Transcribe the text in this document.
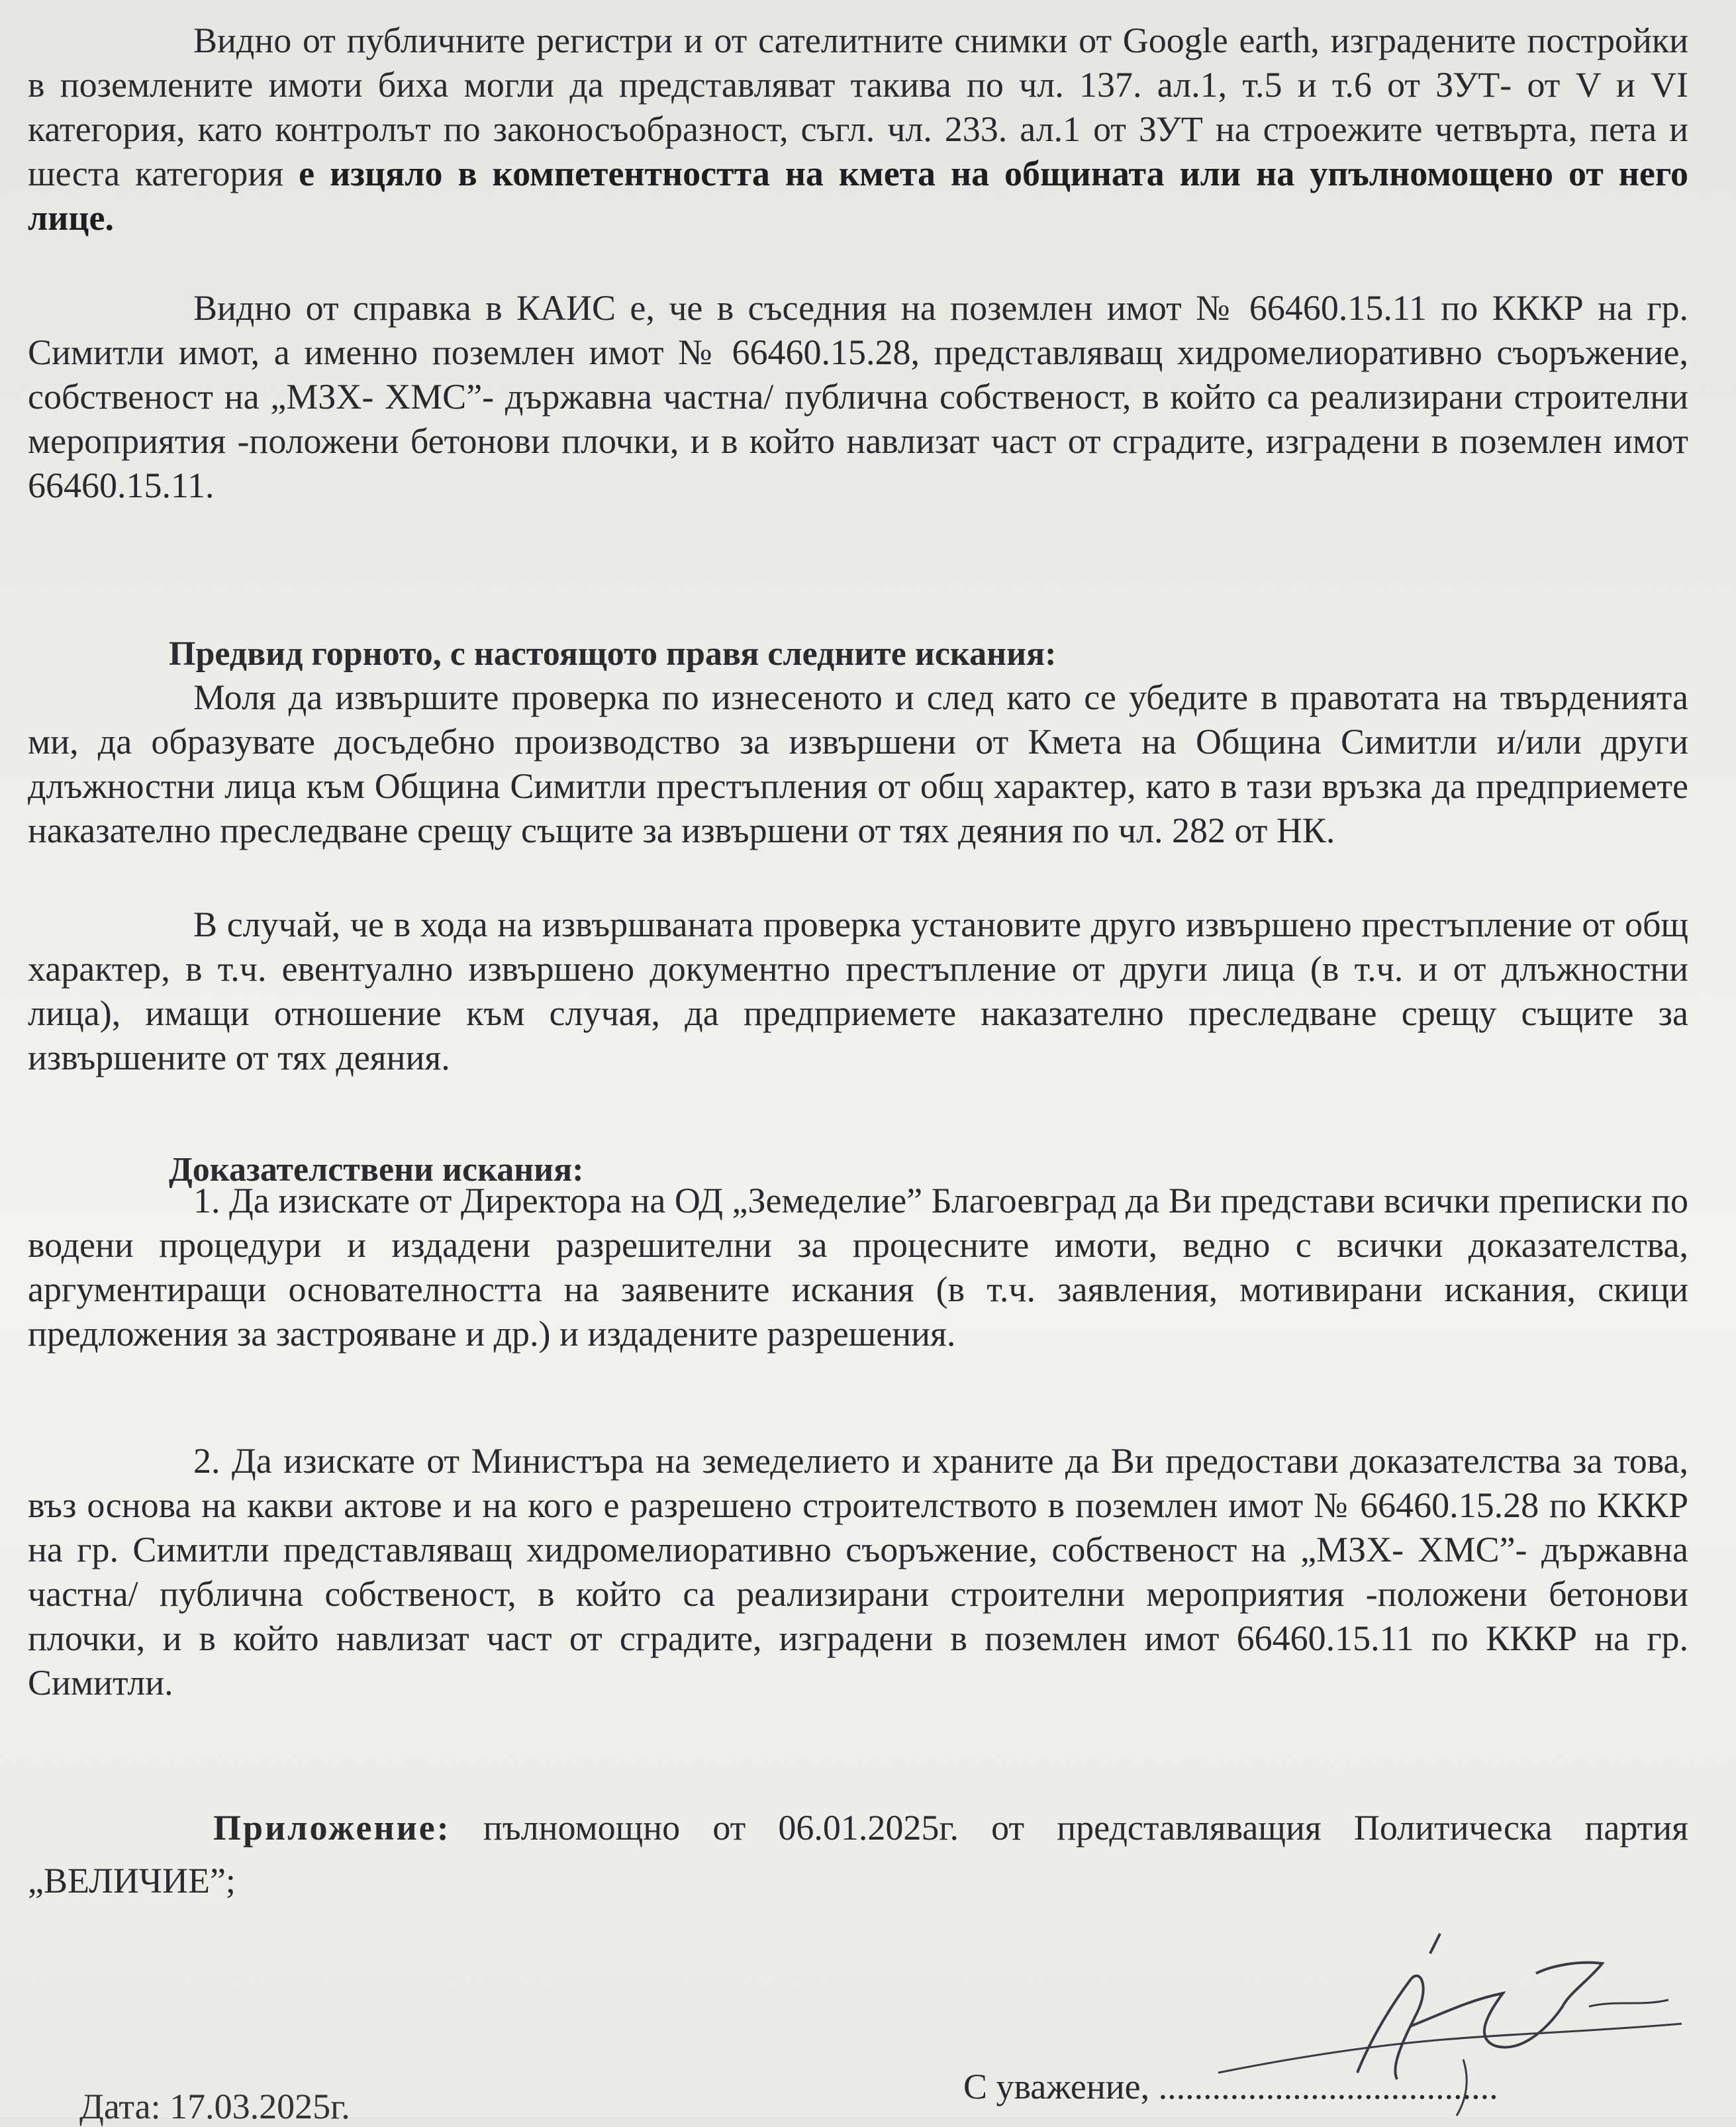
Видно от публичните регистри и от сателитните снимки от Google earth, изградените постройки в поземлените имоти биха могли да представляват такива по чл. 137. ал.1, т.5 и т.6 от ЗУТ- от V и VI категория, като контролът по законосъобразност, съгл. чл. 233. ал.1 от ЗУТ на строежите четвърта, пета и шеста категория е изцяло в компетентността на кмета на общината или на упълномощено от него лице.

Видно от справка в КАИС е, че в съседния на поземлен имот № 66460.15.11 по КККР на гр. Симитли имот, а именно поземлен имот № 66460.15.28, представляващ хидромелиоративно съоръжение, собственост на „МЗХ- ХМС”- държавна частна/ публична собственост, в който са реализирани строителни мероприятия -положени бетонови плочки, и в който навлизат част от сградите, изградени в поземлен имот 66460.15.11.

Предвид горното, с настоящото правя следните искания:

Моля да извършите проверка по изнесеното и след като се убедите в правотата на твърденията ми, да образувате досъдебно производство за извършени от Кмета на Община Симитли и/или други длъжностни лица към Община Симитли престъпления от общ характер, като в тази връзка да предприемете наказателно преследване срещу същите за извършени от тях деяния по чл. 282 от НК.

В случай, че в хода на извършваната проверка установите друго извършено престъпление от общ характер, в т.ч. евентуално извършено документно престъпление от други лица (в т.ч. и от длъжностни лица), имащи отношение към случая, да предприемете наказателно преследване срещу същите за извършените от тях деяния.

Доказателствени искания:

1. Да изискате от Директора на ОД „Земеделие” Благоевград да Ви представи всички преписки по водени процедури и издадени разрешителни за процесните имоти, ведно с всички доказателства, аргументиращи основателността на заявените искания (в т.ч. заявления, мотивирани искания, скици предложения за застрояване и др.) и издадените разрешения.

2. Да изискате от Министъра на земеделието и храните да Ви предостави доказателства за това, въз основа на какви актове и на кого е разрешено строителството в поземлен имот № 66460.15.28 по КККР на гр. Симитли представляващ хидромелиоративно съоръжение, собственост на „МЗХ- ХМС”- държавна частна/ публична собственост, в който са реализирани строителни мероприятия -положени бетонови плочки, и в който навлизат част от сградите, изградени в поземлен имот 66460.15.11 по КККР на гр. Симитли.

Приложение: пълномощно от 06.01.2025г. от представляващия Политическа партия „ВЕЛИЧИЕ”;

Дата: 17.03.2025г.	С уважение, ......................................
